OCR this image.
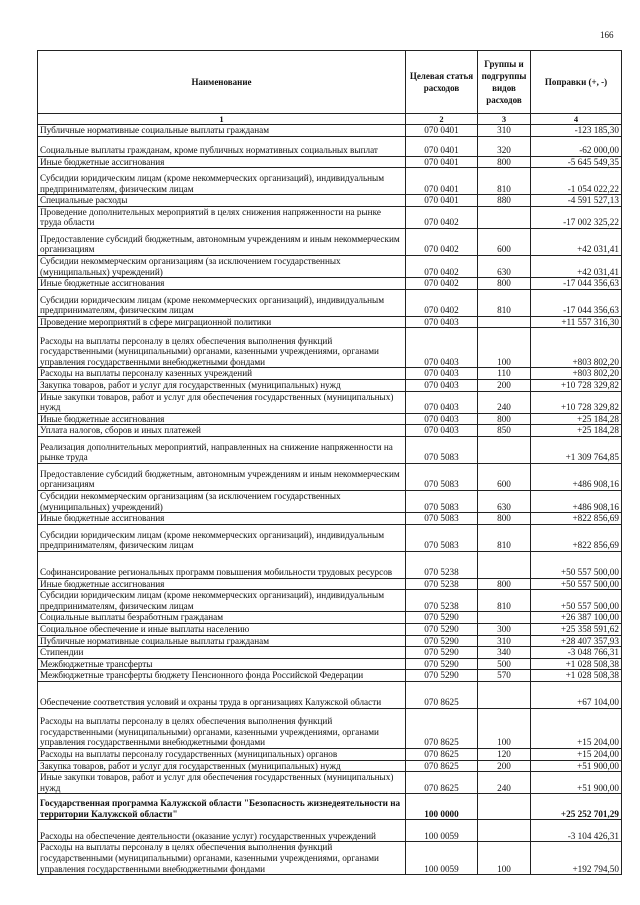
166
Наименование	Целевая статья расходов	Группы и подгруппы видов расходов	Поправки (+, -)
1	2	3	4
Публичные нормативные социальные выплаты гражданам	070 0401	310	-123 185,30
Социальные выплаты гражданам, кроме публичных нормативных социальных выплат	070 0401	320	-62 000,00
Иные бюджетные ассигнования	070 0401	800	-5 645 549,35
Субсидии юридическим лицам (кроме некоммерческих организаций), индивидуальным предпринимателям, физическим лицам	070 0401	810	-1 054 022,22
Специальные расходы	070 0401	880	-4 591 527,13
Проведение дополнительных мероприятий в целях снижения напряженности на рынке труда области	070 0402		-17 002 325,22
Предоставление субсидий бюджетным, автономным учреждениям и иным некоммерческим организациям	070 0402	600	+42 031,41
Субсидии некоммерческим организациям (за исключением государственных (муниципальных) учреждений)	070 0402	630	+42 031,41
Иные бюджетные ассигнования	070 0402	800	-17 044 356,63
Субсидии юридическим лицам (кроме некоммерческих организаций), индивидуальным предпринимателям, физическим лицам	070 0402	810	-17 044 356,63
Проведение мероприятий в сфере миграционной политики	070 0403		+11 557 316,30
Расходы на выплаты персоналу в целях обеспечения выполнения функций государственными (муниципальными) органами, казенными учреждениями, органами управления государственными внебюджетными фондами	070 0403	100	+803 802,20
Расходы на выплаты персоналу казенных учреждений	070 0403	110	+803 802,20
Закупка товаров, работ и услуг для государственных (муниципальных) нужд	070 0403	200	+10 728 329,82
Иные закупки товаров, работ и услуг для обеспечения государственных (муниципальных) нужд	070 0403	240	+10 728 329,82
Иные бюджетные ассигнования	070 0403	800	+25 184,28
Уплата налогов, сборов и иных платежей	070 0403	850	+25 184,28
Реализация дополнительных мероприятий, направленных на снижение напряженности на рынке труда	070 5083		+1 309 764,85
Предоставление субсидий бюджетным, автономным учреждениям и иным некоммерческим организациям	070 5083	600	+486 908,16
Субсидии некоммерческим организациям (за исключением государственных (муниципальных) учреждений)	070 5083	630	+486 908,16
Иные бюджетные ассигнования	070 5083	800	+822 856,69
Субсидии юридическим лицам (кроме некоммерческих организаций), индивидуальным предпринимателям, физическим лицам	070 5083	810	+822 856,69
Софинансирование региональных программ повышения мобильности трудовых ресурсов	070 5238		+50 557 500,00
Иные бюджетные ассигнования	070 5238	800	+50 557 500,00
Субсидии юридическим лицам (кроме некоммерческих организаций), индивидуальным предпринимателям, физическим лицам	070 5238	810	+50 557 500,00
Социальные выплаты безработным гражданам	070 5290		+26 387 100,00
Социальное обеспечение и иные выплаты населению	070 5290	300	+25 358 591,62
Публичные нормативные социальные выплаты гражданам	070 5290	310	+28 407 357,93
Стипендии	070 5290	340	-3 048 766,31
Межбюджетные трансферты	070 5290	500	+1 028 508,38
Межбюджетные трансферты бюджету Пенсионного фонда Российской Федерации	070 5290	570	+1 028 508,38
Обеспечение соответствия условий и охраны труда в организациях Калужской области	070 8625		+67 104,00
Расходы на выплаты персоналу в целях обеспечения выполнения функций государственными (муниципальными) органами, казенными учреждениями, органами управления государственными внебюджетными фондами	070 8625	100	+15 204,00
Расходы на выплаты персоналу государственных (муниципальных) органов	070 8625	120	+15 204,00
Закупка товаров, работ и услуг для государственных (муниципальных) нужд	070 8625	200	+51 900,00
Иные закупки товаров, работ и услуг для обеспечения государственных (муниципальных) нужд	070 8625	240	+51 900,00
Государственная программа Калужской области "Безопасность жизнедеятельности на территории Калужской области"	100 0000		+25 252 701,29
Расходы на обеспечение деятельности (оказание услуг) государственных учреждений	100 0059		-3 104 426,31
Расходы на выплаты персоналу в целях обеспечения выполнения функций государственными (муниципальными) органами, казенными учреждениями, органами управления государственными внебюджетными фондами	100 0059	100	+192 794,50
